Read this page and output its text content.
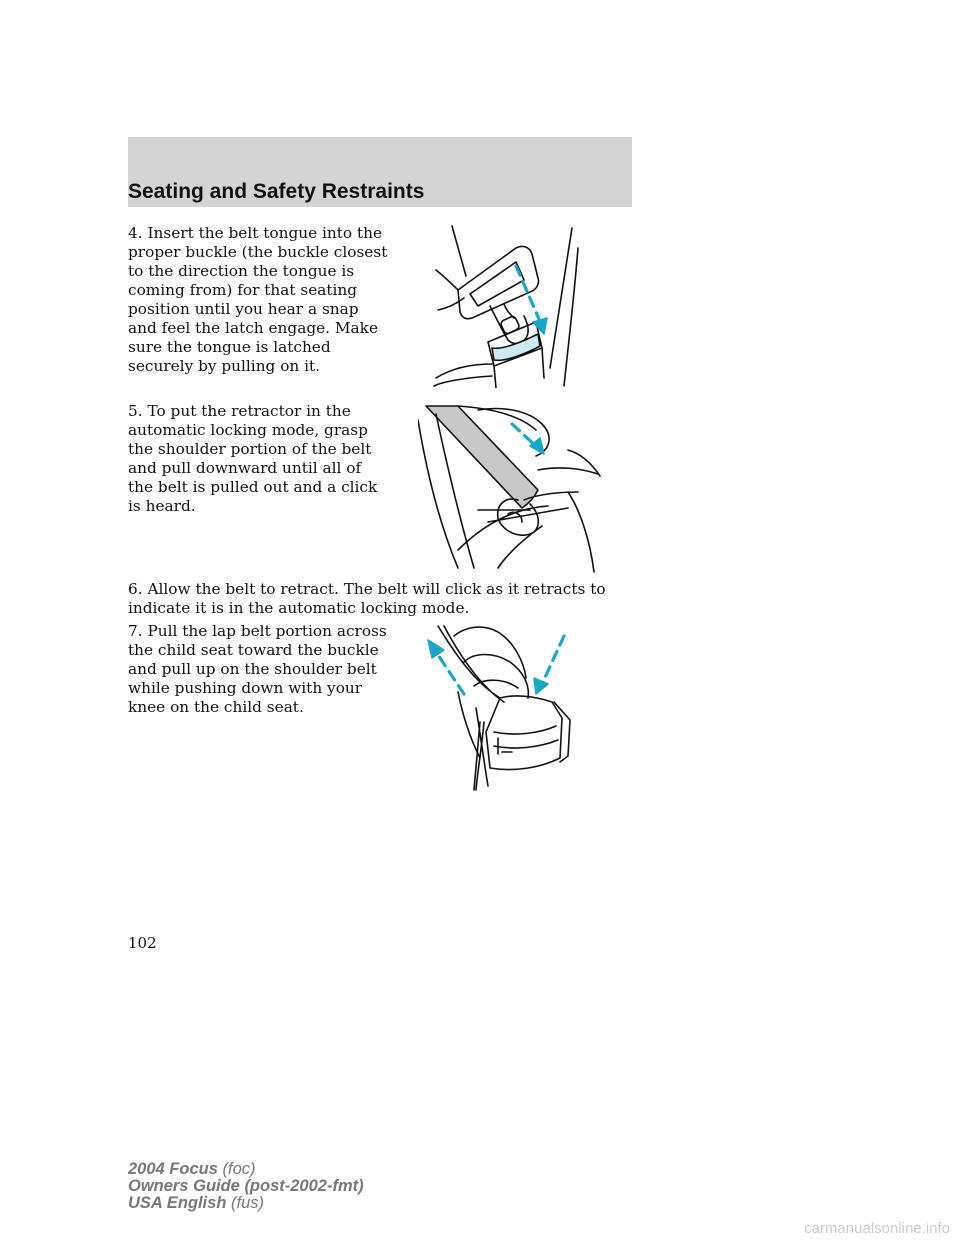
Seating and Safety Restraints

4. Insert the belt tongue into the proper buckle (the buckle closest to the direction the tongue is coming from) for that seating position until you hear a snap and feel the latch engage. Make sure the tongue is latched securely by pulling on it.

5. To put the retractor in the automatic locking mode, grasp the shoulder portion of the belt and pull downward until all of the belt is pulled out and a click is heard.

6. Allow the belt to retract. The belt will click as it retracts to indicate it is in the automatic locking mode.

7. Pull the lap belt portion across the child seat toward the buckle and pull up on the shoulder belt while pushing down with your knee on the child seat.

102
2004 Focus (foc)
Owners Guide (post-2002-fmt)
USA English (fus)
carmanualsonline.info
